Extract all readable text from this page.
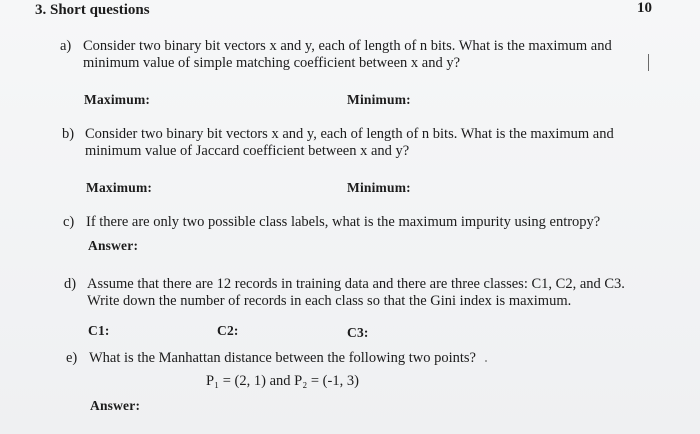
3. Short questions	10
a) Consider two binary bit vectors x and y, each of length of n bits. What is the maximum and
minimum value of simple matching coefficient between x and y?
Maximum:	Minimum:
b) Consider two binary bit vectors x and y, each of length of n bits. What is the maximum and
minimum value of Jaccard coefficient between x and y?
Maximum:	Minimum:
c) If there are only two possible class labels, what is the maximum impurity using entropy?
Answer:
d) Assume that there are 12 records in training data and there are three classes: C1, C2, and C3.
Write down the number of records in each class so that the Gini index is maximum.
C1:	C2:	C3:
e) What is the Manhattan distance between the following two points?
P₁ = (2, 1) and P₂ = (-1, 3)
Answer:
